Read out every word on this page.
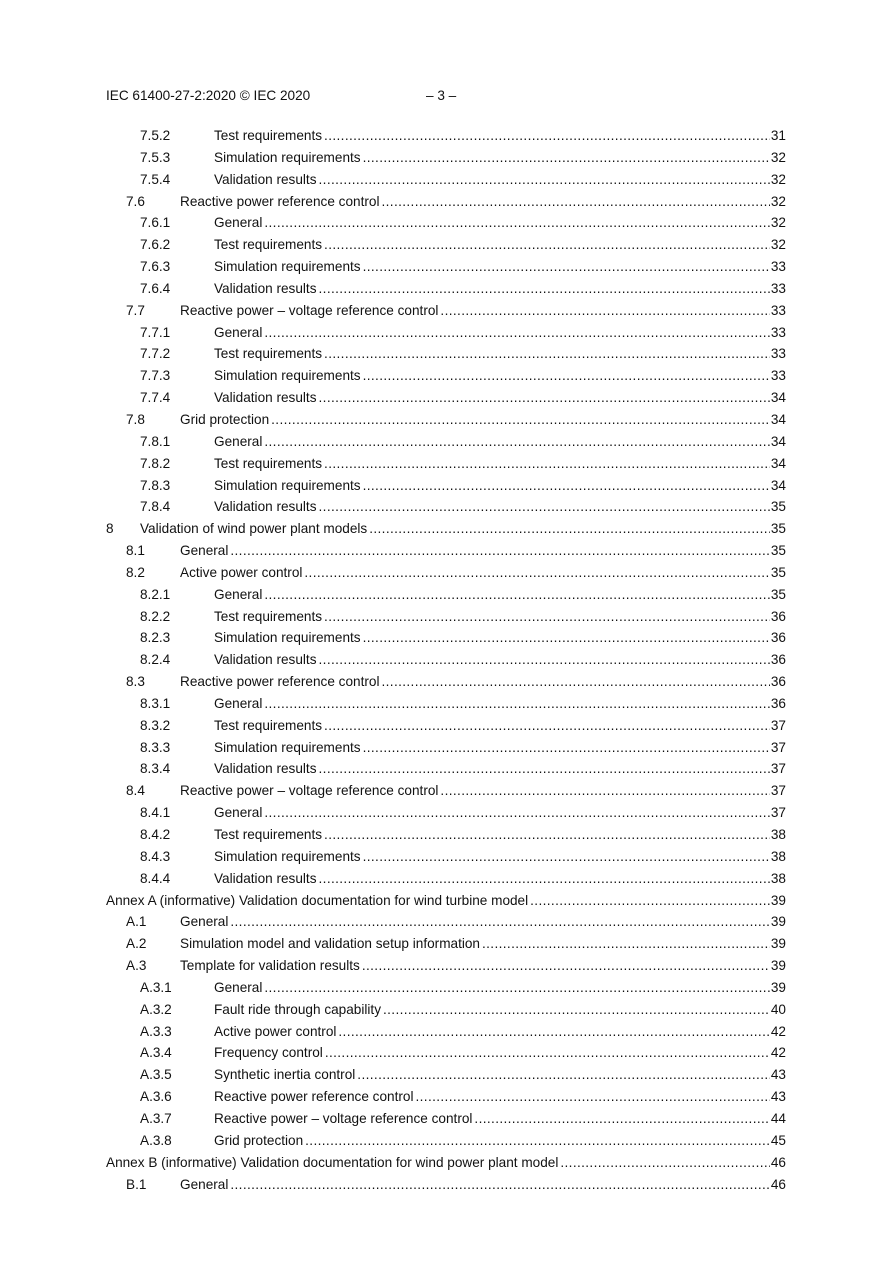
IEC 61400-27-2:2020 © IEC 2020	– 3 –
7.5.2	Test requirements . . .	31
7.5.3	Simulation requirements . . .	32
7.5.4	Validation results . . .	32
7.6	Reactive power reference control . . .	32
7.6.1	General . . .	32
7.6.2	Test requirements . . .	32
7.6.3	Simulation requirements . . .	33
7.6.4	Validation results . . .	33
7.7	Reactive power – voltage reference control . . .	33
7.7.1	General . . .	33
7.7.2	Test requirements . . .	33
7.7.3	Simulation requirements . . .	33
7.7.4	Validation results . . .	34
7.8	Grid protection . . .	34
7.8.1	General . . .	34
7.8.2	Test requirements . . .	34
7.8.3	Simulation requirements . . .	34
7.8.4	Validation results . . .	35
8 Validation of wind power plant models . . .	35
8.1	General . . .	35
8.2	Active power control . . .	35
8.2.1	General . . .	35
8.2.2	Test requirements . . .	36
8.2.3	Simulation requirements . . .	36
8.2.4	Validation results . . .	36
8.3	Reactive power reference control . . .	36
8.3.1	General . . .	36
8.3.2	Test requirements . . .	37
8.3.3	Simulation requirements . . .	37
8.3.4	Validation results . . .	37
8.4	Reactive power – voltage reference control . . .	37
8.4.1	General . . .	37
8.4.2	Test requirements . . .	38
8.4.3	Simulation requirements . . .	38
8.4.4	Validation results . . .	38
Annex A (informative) Validation documentation for wind turbine model . . .	39
A.1 General . . .	39
A.2 Simulation model and validation setup information . . .	39
A.3 Template for validation results . . .	39
A.3.1	General . . .	39
A.3.2	Fault ride through capability . . .	40
A.3.3	Active power control . . .	42
A.3.4	Frequency control . . .	42
A.3.5	Synthetic inertia control . . .	43
A.3.6	Reactive power reference control . . .	43
A.3.7	Reactive power – voltage reference control . . .	44
A.3.8	Grid protection . . .	45
Annex B (informative) Validation documentation for wind power plant model . . .	46
B.1 General . . .	46
